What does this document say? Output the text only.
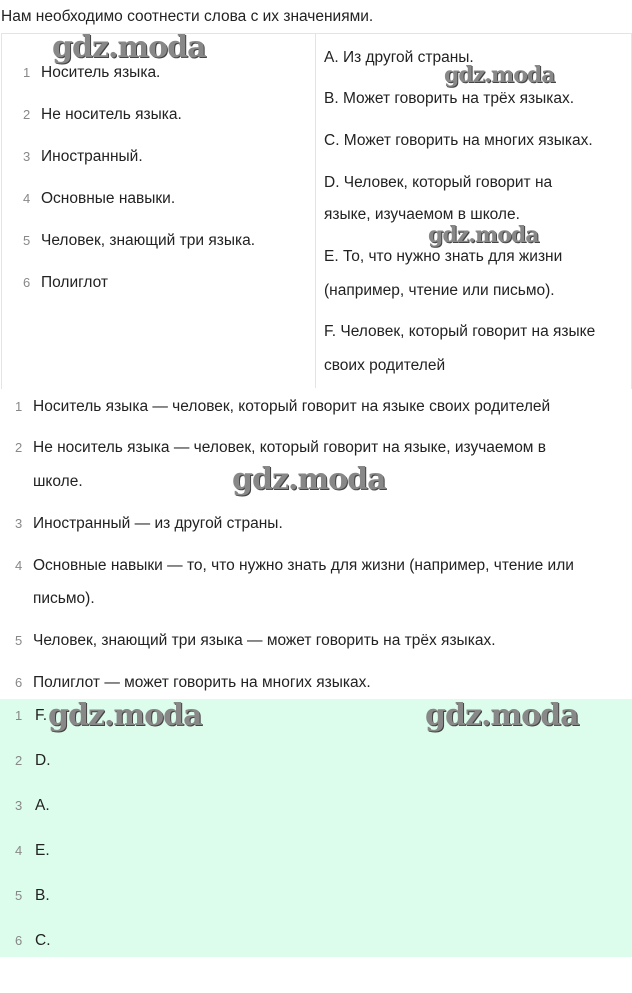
Нам необходимо соотнести слова с их значениями.
1 Носитель языка.
2 Не носитель языка.
3 Иностранный.
4 Основные навыки.
5 Человек, знающий три языка.
6 Полиглот
A. Из другой страны.
B. Может говорить на трёх языках.
C. Может говорить на многих языках.
D. Человек, который говорит на
языке, изучаемом в школе.
E. То, что нужно знать для жизни
(например, чтение или письмо).
F. Человек, который говорит на языке
своих родителей
1 Носитель языка — человек, который говорит на языке своих родителей
2 Не носитель языка — человек, который говорит на языке, изучаемом в
школе.
3 Иностранный — из другой страны.
4 Основные навыки — то, что нужно знать для жизни (например, чтение или
письмо).
5 Человек, знающий три языка — может говорить на трёх языках.
6 Полиглот — может говорить на многих языках.
1 F.
2 D.
3 A.
4 E.
5 B.
6 C.
gdz.moda
gdz.moda
gdz.moda
gdz.moda
gdz.moda	gdz.moda
